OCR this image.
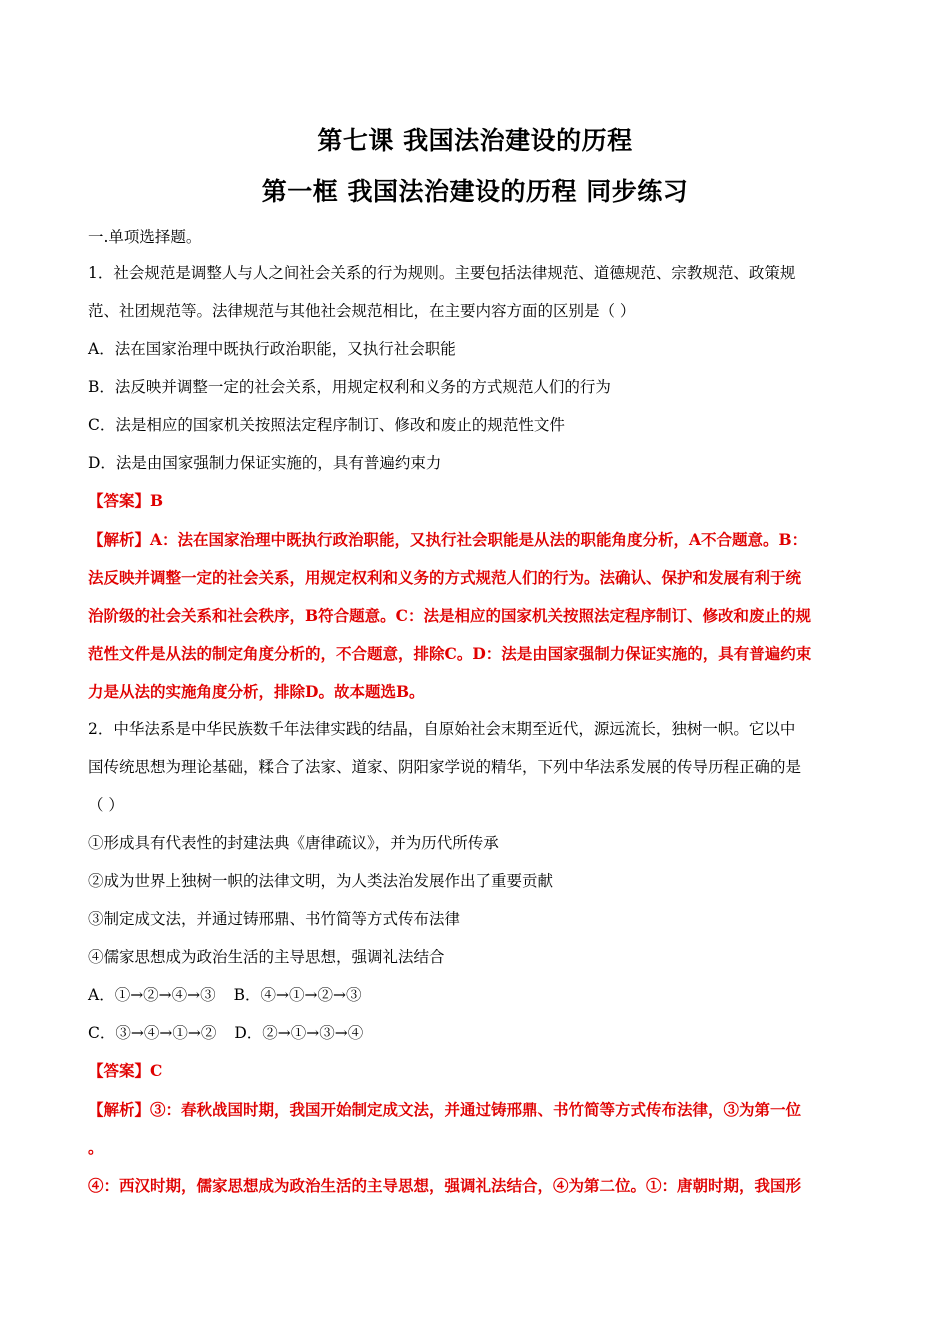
第七课 我国法治建设的历程
第一框 我国法治建设的历程 同步练习
一.单项选择题。
1．社会规范是调整人与人之间社会关系的行为规则。主要包括法律规范、道德规范、宗教规范、政策规
范、社团规范等。法律规范与其他社会规范相比，在主要内容方面的区别是（ ）
A．法在国家治理中既执行政治职能，又执行社会职能
B．法反映并调整一定的社会关系，用规定权利和义务的方式规范人们的行为
C．法是相应的国家机关按照法定程序制订、修改和废止的规范性文件
D．法是由国家强制力保证实施的，具有普遍约束力
【答案】B
【解析】A：法在国家治理中既执行政治职能，又执行社会职能是从法的职能角度分析，A不合题意。B：
法反映并调整一定的社会关系，用规定权利和义务的方式规范人们的行为。法确认、保护和发展有利于统
治阶级的社会关系和社会秩序，B符合题意。C：法是相应的国家机关按照法定程序制订、修改和废止的规
范性文件是从法的制定角度分析的，不合题意，排除C。D：法是由国家强制力保证实施的，具有普遍约束
力是从法的实施角度分析，排除D。故本题选B。
2．中华法系是中华民族数千年法律实践的结晶，自原始社会末期至近代，源远流长，独树一帜。它以中
国传统思想为理论基础，糅合了法家、道家、阴阳家学说的精华，下列中华法系发展的传导历程正确的是
（ ）
①形成具有代表性的封建法典《唐律疏议》，并为历代所传承
②成为世界上独树一帜的法律文明，为人类法治发展作出了重要贡献
③制定成文法，并通过铸邢鼎、书竹简等方式传布法律
④儒家思想成为政治生活的主导思想，强调礼法结合
A．①→②→④→③ B．④→①→②→③
C．③→④→①→② D．②→①→③→④
【答案】C
【解析】③：春秋战国时期，我国开始制定成文法，并通过铸邢鼎、书竹简等方式传布法律，③为第一位
。
④：西汉时期，儒家思想成为政治生活的主导思想，强调礼法结合，④为第二位。①：唐朝时期，我国形
